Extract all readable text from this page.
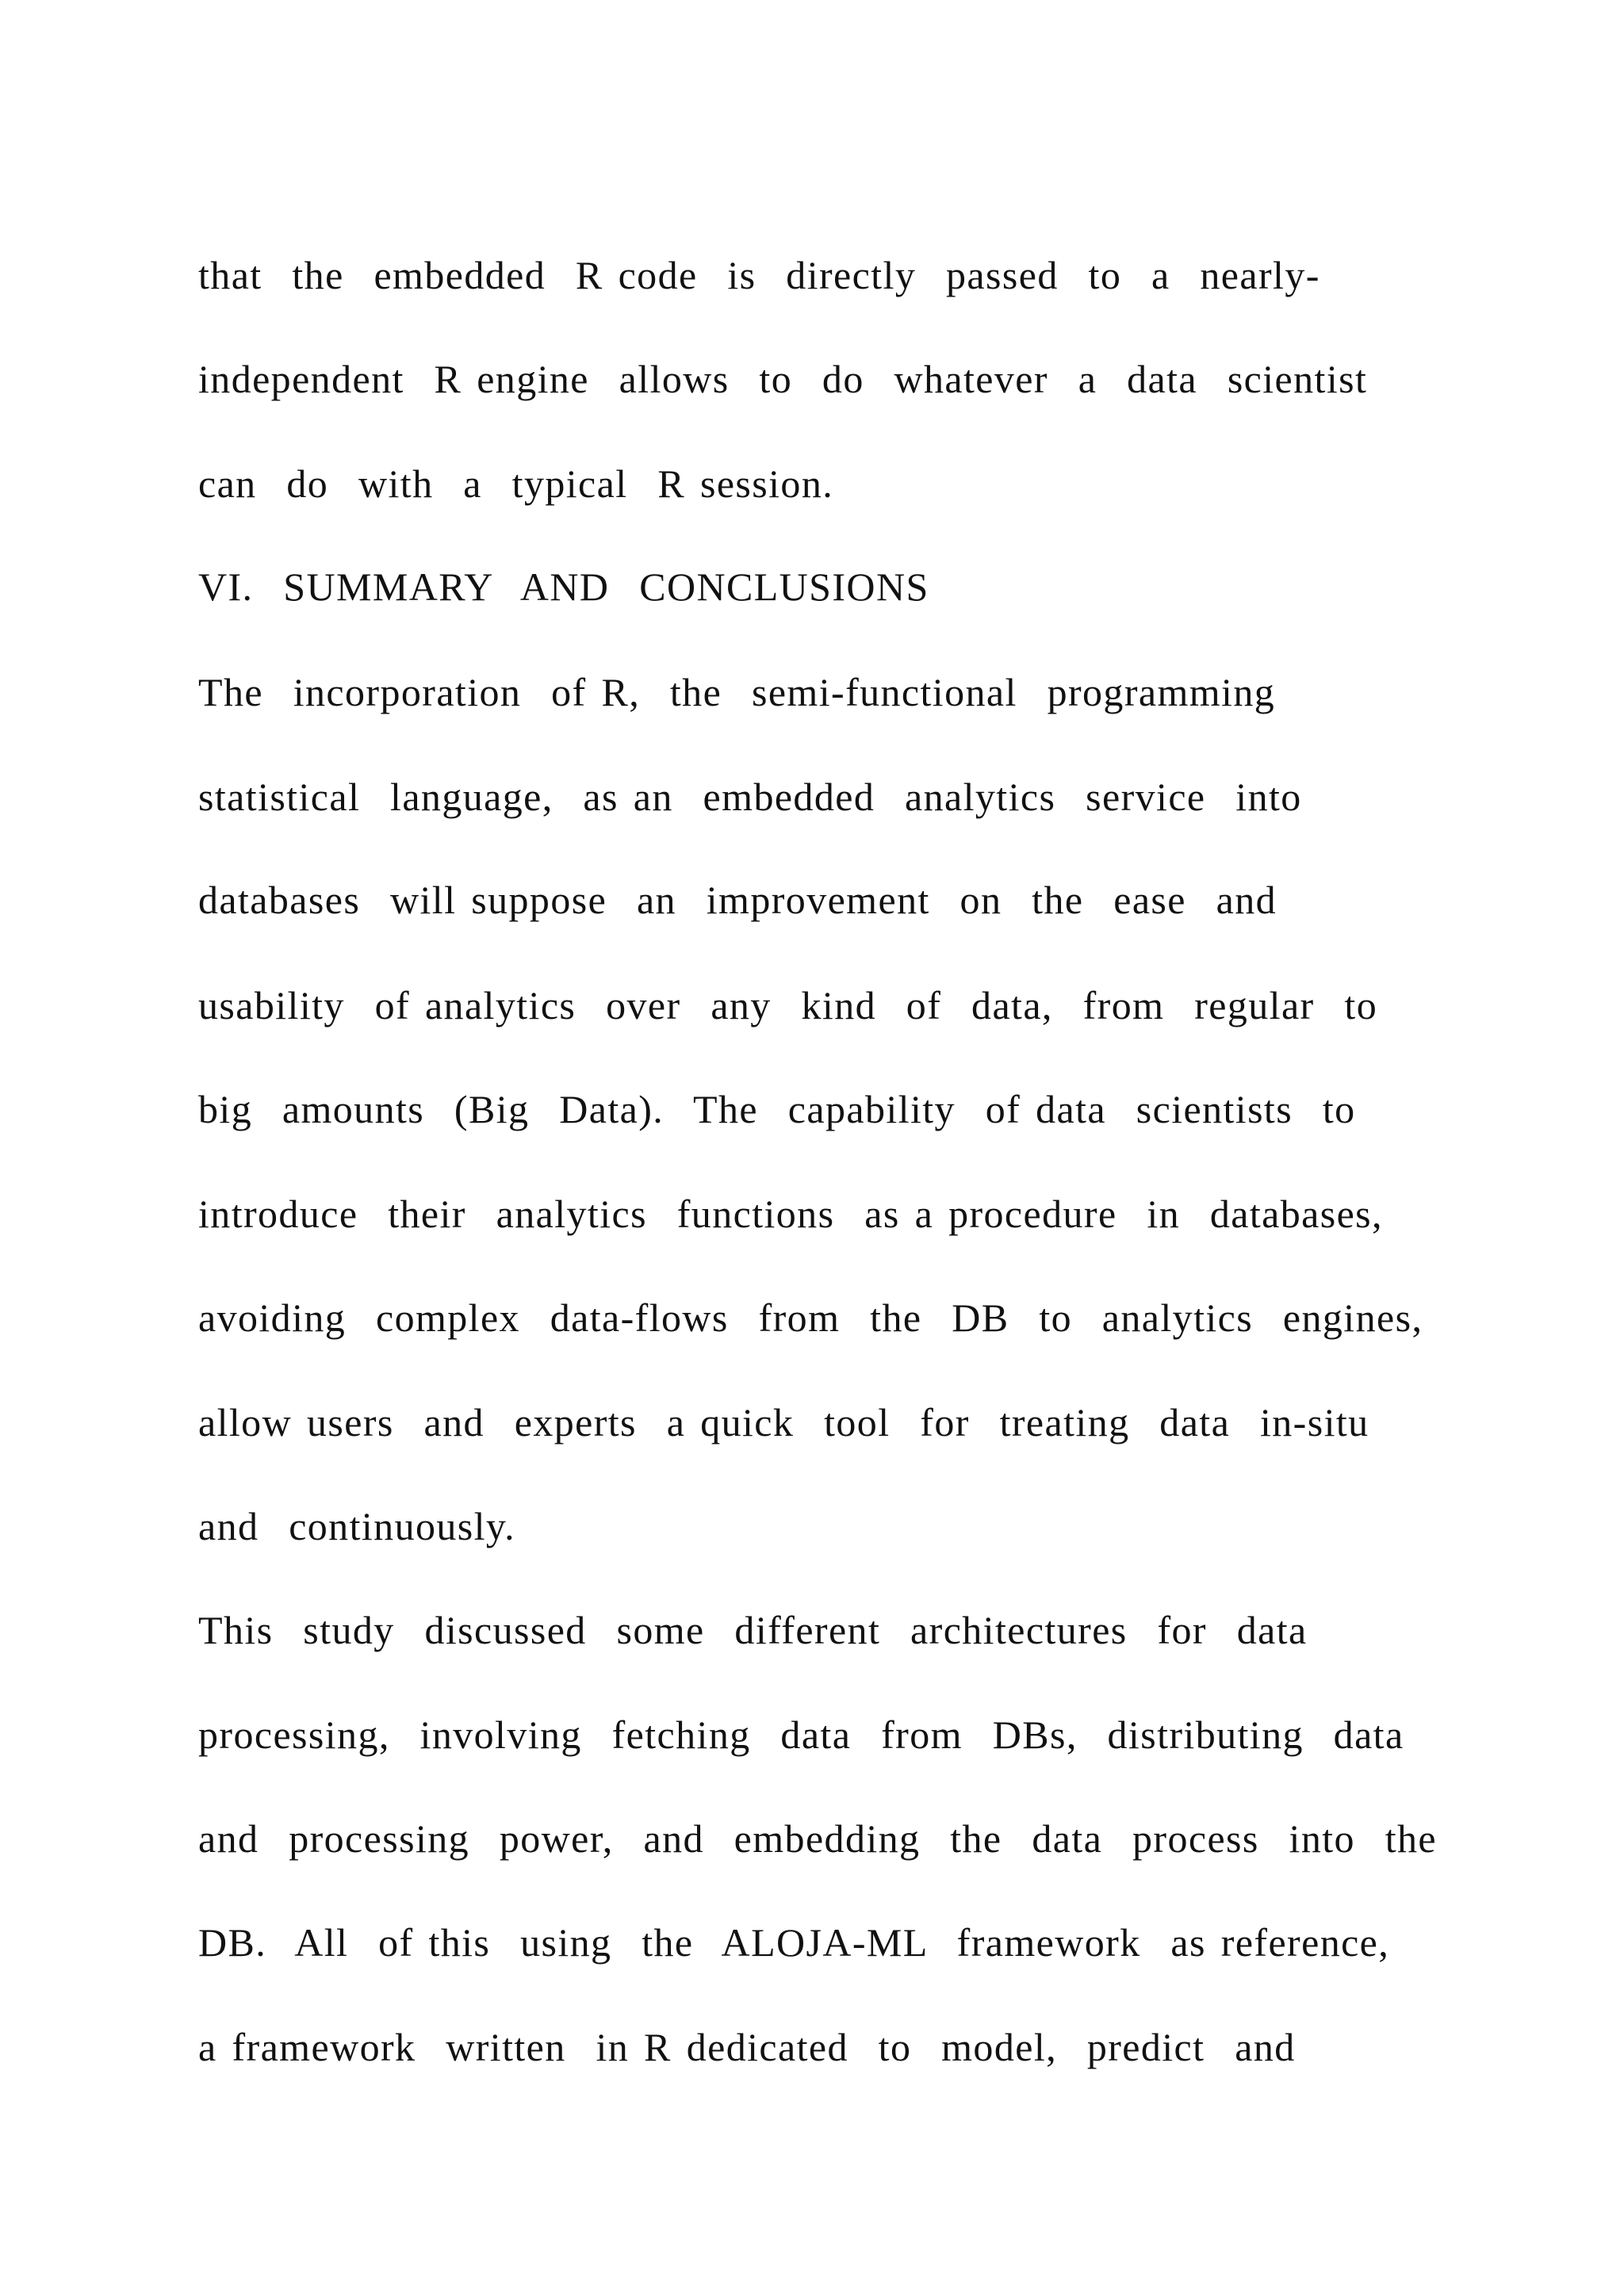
that  the  embedded  R code  is  directly  passed  to  a  nearly-
independent  R engine  allows  to  do  whatever  a  data  scientist
can  do  with  a  typical  R session.
VI.  SUMMARY  AND  CONCLUSIONS
The  incorporation  of R,  the  semi-functional  programming
statistical  language,  as an  embedded  analytics  service  into
databases  will suppose  an  improvement  on  the  ease  and
usability  of analytics  over  any  kind  of  data,  from  regular  to
big  amounts  (Big  Data).  The  capability  of data  scientists  to
introduce  their  analytics  functions  as a procedure  in  databases,
avoiding  complex  data-flows  from  the  DB  to  analytics  engines,
allow users  and  experts  a quick  tool  for  treating  data  in-situ
and  continuously.
This  study  discussed  some  different  architectures  for  data
processing,  involving  fetching  data  from  DBs,  distributing  data
and  processing  power,  and  embedding  the  data  process  into  the
DB.  All  of this  using  the  ALOJA-ML  framework  as reference,
a framework  written  in R dedicated  to  model,  predict  and
